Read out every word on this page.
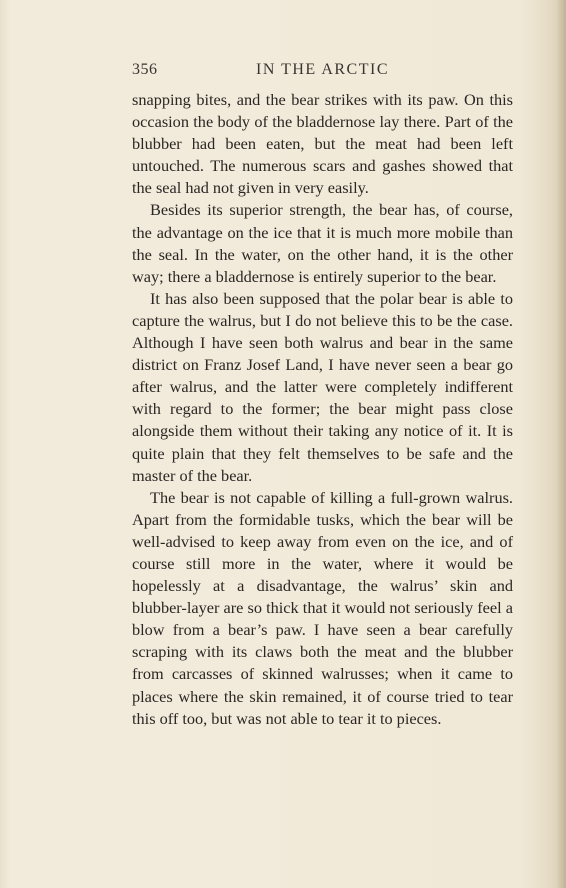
356	IN THE ARCTIC

snapping bites, and the bear strikes with its paw. On this occasion the body of the bladdernose lay there. Part of the blubber had been eaten, but the meat had been left untouched. The numerous scars and gashes showed that the seal had not given in very easily.

Besides its superior strength, the bear has, of course, the advantage on the ice that it is much more mobile than the seal. In the water, on the other hand, it is the other way; there a bladdernose is entirely superior to the bear.

It has also been supposed that the polar bear is able to capture the walrus, but I do not believe this to be the case. Although I have seen both walrus and bear in the same district on Franz Josef Land, I have never seen a bear go after walrus, and the latter were completely indifferent with regard to the former; the bear might pass close alongside them without their taking any notice of it. It is quite plain that they felt themselves to be safe and the master of the bear.

The bear is not capable of killing a full-grown walrus. Apart from the formidable tusks, which the bear will be well-advised to keep away from even on the ice, and of course still more in the water, where it would be hopelessly at a disadvantage, the walrus’ skin and blubber-layer are so thick that it would not seriously feel a blow from a bear’s paw. I have seen a bear carefully scraping with its claws both the meat and the blubber from carcasses of skinned walrusses; when it came to places where the skin remained, it of course tried to tear this off too, but was not able to tear it to pieces.
